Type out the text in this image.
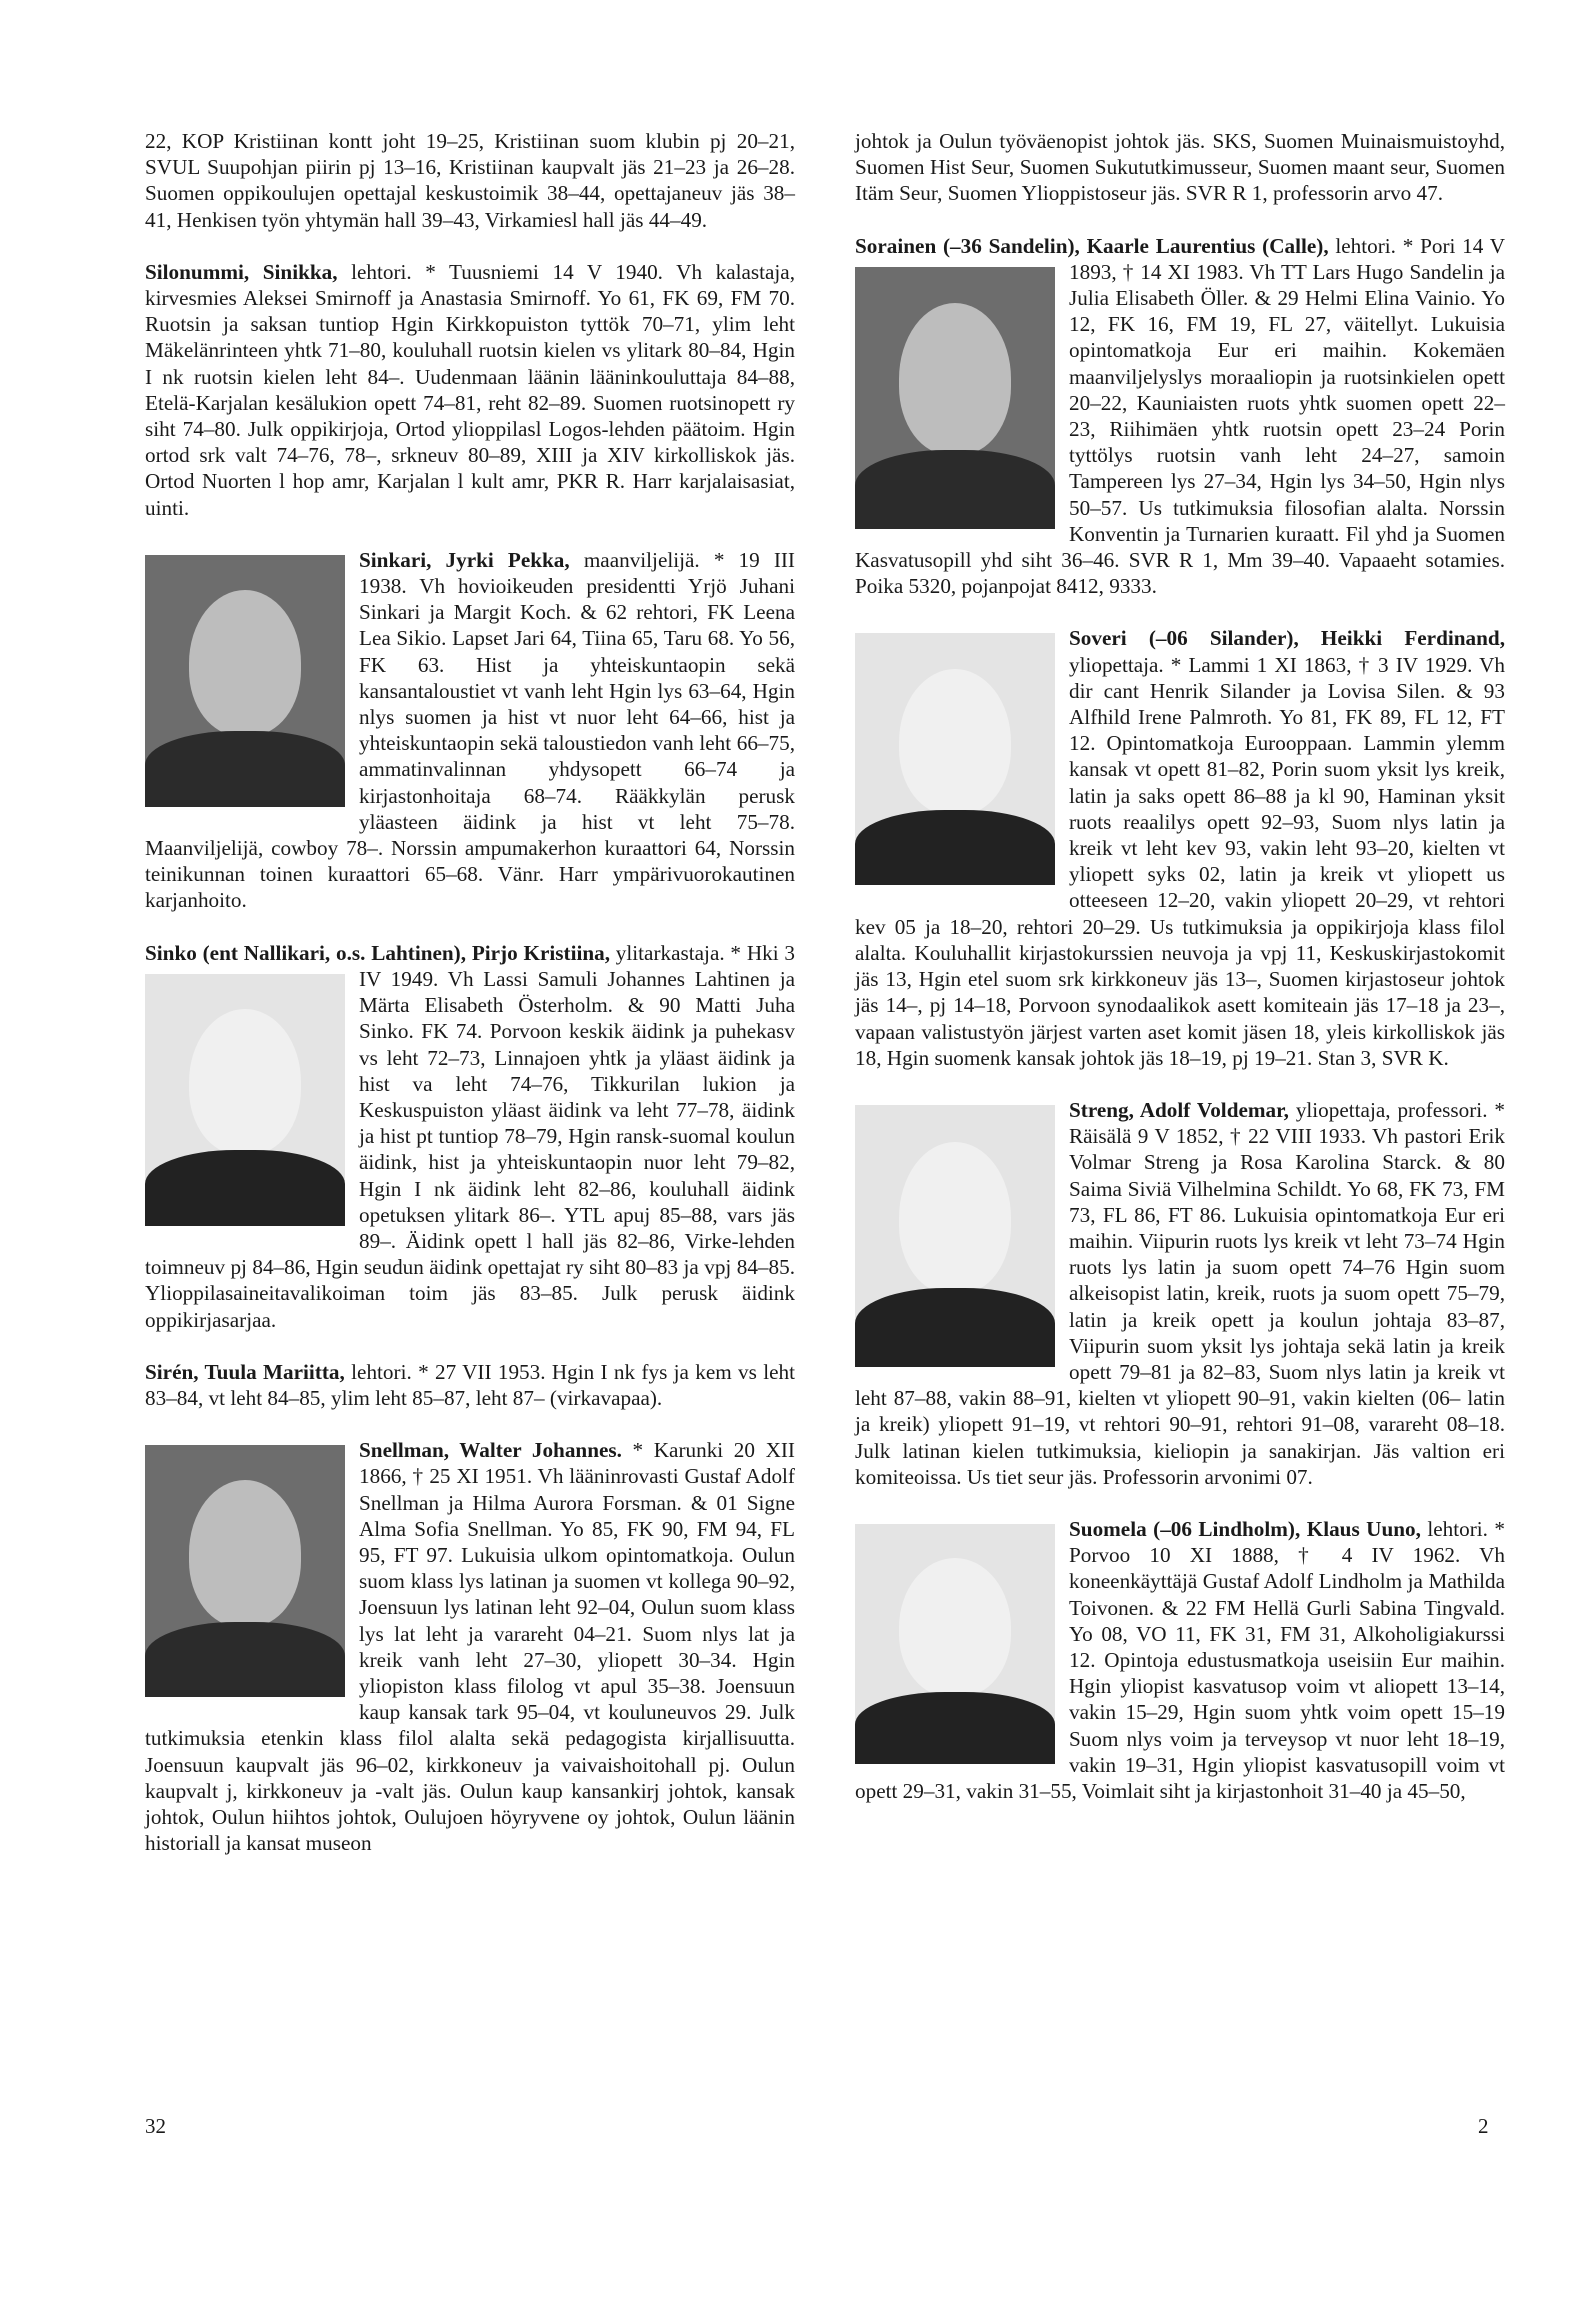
22, KOP Kristiinan kontt joht 19–25, Kristiinan suom klubin pj 20–21, SVUL Suupohjan piirin pj 13–16, Kristiinan kaupvalt jäs 21–23 ja 26–28. Suomen oppikoulujen opettajal keskustoimik 38–44, opettajaneuv jäs 38–41, Henkisen työn yhtymän hall 39–43, Virkamiesl hall jäs 44–49.

Silonummi, Sinikka, lehtori. * Tuusniemi 14 V 1940. Vh kalastaja, kirvesmies Aleksei Smirnoff ja Anastasia Smirnoff. Yo 61, FK 69, FM 70. Ruotsin ja saksan tuntiop Hgin Kirkkopuiston tyttök 70–71, ylim leht Mäkelänrinteen yhtk 71–80, kouluhall ruotsin kielen vs ylitark 80–84, Hgin I nk ruotsin kielen leht 84–. Uudenmaan läänin lääninkouluttaja 84–88, Etelä-Karjalan kesälukion opett 74–81, reht 82–89. Suomen ruotsinopett ry siht 74–80. Julk oppikirjoja, Ortod ylioppilasl Logos-lehden päätoim. Hgin ortod srk valt 74–76, 78–, srkneuv 80–89, XIII ja XIV kirkolliskok jäs. Ortod Nuorten l hop amr, Karjalan l kult amr, PKR R. Harr karjalaisasiat, uinti.

Sinkari, Jyrki Pekka,
maanviljelijä. * 19 III 1938. Vh hovioikeuden presidentti Yrjö Juhani Sinkari ja Margit Koch. & 62 rehtori, FK Leena Lea Sikio. Lapset Jari 64, Tiina 65, Taru 68. Yo 56, FK 63. Hist ja yhteiskuntaopin sekä kansantaloustiet vt vanh leht Hgin lys 63–64, Hgin nlys suomen ja hist vt nuor leht 64–66, hist ja yhteiskuntaopin sekä taloustiedon vanh leht 66–75, ammatinvalinnan yhdysopett 66–74 ja kirjastonhoitaja 68–74. Rääkkylän perusk yläasteen äidink ja hist vt leht 75–78. Maanviljelijä, cowboy 78–. Norssin ampumakerhon kuraattori 64, Norssin teinikunnan toinen kuraattori 65–68. Vänr. Harr ympärivuorokautinen karjanhoito.

Sinko (ent Nallikari, o.s. Lahtinen), Pirjo Kristiina,
ylitarkastaja. * Hki 3 IV 1949. Vh Lassi Samuli Johannes Lahtinen ja Märta Elisabeth Österholm. & 90 Matti Juha Sinko. FK 74. Porvoon keskik äidink ja puhekasv vs leht 72–73, Linnajoen yhtk ja yläast äidink ja hist va leht 74–76, Tikkurilan lukion ja Keskuspuiston yläast äidink va leht 77–78, äidink ja hist pt tuntiop 78–79, Hgin ransk-suomal koulun äidink, hist ja yhteiskuntaopin nuor leht 79–82, Hgin I nk äidink leht 82–86, kouluhall äidink opetuksen ylitark 86–. YTL apuj 85–88, vars jäs 89–. Äidink opett l hall jäs 82–86, Virke-lehden toimneuv pj 84–86, Hgin seudun äidink opettajat ry siht 80–83 ja vpj 84–85. Ylioppilasaineitavalikoiman toim jäs 83–85. Julk perusk äidink oppikirjasarjaa.

Sirén, Tuula Mariitta, lehtori. * 27 VII 1953. Hgin I nk fys ja kem vs leht 83–84, vt leht 84–85, ylim leht 85–87, leht 87– (virkavapaa).

Snellman, Walter Johannes.
* Karunki 20 XII 1866, † 25 XI 1951. Vh lääninrovasti Gustaf Adolf Snellman ja Hilma Aurora Forsman. & 01 Signe Alma Sofia Snellman. Yo 85, FK 90, FM 94, FL 95, FT 97. Lukuisia ulkom opintomatkoja. Oulun suom klass lys latinan ja suomen vt kollega 90–92, Joensuun lys latinan leht 92–04, Oulun suom klass lys lat leht ja varareht 04–21. Suom nlys lat ja kreik vanh leht 27–30, yliopett 30–34. Hgin yliopiston klass filolog vt apul 35–38. Joensuun kaup kansak tark 95–04, vt kouluneuvos 29. Julk tutkimuksia etenkin klass filol alalta sekä pedagogista kirjallisuutta. Joensuun kaupvalt jäs 96–02, kirkkoneuv ja vaivaishoitohall pj. Oulun kaupvalt j, kirkkoneuv ja -valt jäs. Oulun kaup kansankirj johtok, kansak johtok, Oulun hiihtos johtok, Oulujoen höyryvene oy johtok, Oulun läänin historiall ja kansat museon

johtok ja Oulun työväenopist johtok jäs. SKS, Suomen Muinaismuistoyhd, Suomen Hist Seur, Suomen Sukututkimusseur, Suomen maant seur, Suomen Itäm Seur, Suomen Ylioppistoseur jäs. SVR R 1, professorin arvo 47.

Sorainen (–36 Sandelin), Kaarle Laurentius (Calle),
lehtori. * Pori 14 V 1893, † 14 XI 1983. Vh TT Lars Hugo Sandelin ja Julia Elisabeth Öller. & 29 Helmi Elina Vainio. Yo 12, FK 16, FM 19, FL 27, väitellyt. Lukuisia opintomatkoja Eur eri maihin. Kokemäen maanviljelyslys moraaliopin ja ruotsinkielen opett 20–22, Kauniaisten ruots yhtk suomen opett 22–23, Riihimäen yhtk ruotsin opett 23–24 Porin tyttölys ruotsin vanh leht 24–27, samoin Tampereen lys 27–34, Hgin lys 34–50, Hgin nlys 50–57. Us tutkimuksia filosofian alalta. Norssin Konventin ja Turnarien kuraatt. Fil yhd ja Suomen Kasvatusopill yhd siht 36–46. SVR R 1, Mm 39–40. Vapaaeht sotamies. Poika 5320, pojanpojat 8412, 9333.

Soveri (–06 Silander), Heikki Ferdinand,
yliopettaja. * Lammi 1 XI 1863, † 3 IV 1929. Vh dir cant Henrik Silander ja Lovisa Silen. & 93 Alfhild Irene Palmroth. Yo 81, FK 89, FL 12, FT 12. Opintomatkoja Eurooppaan. Lammin ylemm kansak vt opett 81–82, Porin suom yksit lys kreik, latin ja saks opett 86–88 ja kl 90, Haminan yksit ruots reaalilys opett 92–93, Suom nlys latin ja kreik vt leht kev 93, vakin leht 93–20, kielten vt yliopett syks 02, latin ja kreik vt yliopett us otteeseen 12–20, vakin yliopett 20–29, vt rehtori kev 05 ja 18–20, rehtori 20–29. Us tutkimuksia ja oppikirjoja klass filol alalta. Kouluhallit kirjastokurssien neuvoja ja vpj 11, Keskuskirjastokomit jäs 13, Hgin etel suom srk kirkkoneuv jäs 13–, Suomen kirjastoseur johtok jäs 14–, pj 14–18, Porvoon synodaalikok asett komiteain jäs 17–18 ja 23–, vapaan valistustyön järjest varten aset komit jäsen 18, yleis kirkolliskok jäs 18, Hgin suomenk kansak johtok jäs 18–19, pj 19–21. Stan 3, SVR K.

Streng, Adolf Voldemar,
yliopettaja, professori. * Räisälä 9 V 1852, † 22 VIII 1933. Vh pastori Erik Volmar Streng ja Rosa Karolina Starck. & 80 Saima Siviä Vilhelmina Schildt. Yo 68, FK 73, FM 73, FL 86, FT 86. Lukuisia opintomatkoja Eur eri maihin. Viipurin ruots lys kreik vt leht 73–74 Hgin ruots lys latin ja suom opett 74–76 Hgin suom alkeisopist latin, kreik, ruots ja suom opett 75–79, latin ja kreik opett ja koulun johtaja 83–87, Viipurin suom yksit lys johtaja sekä latin ja kreik opett 79–81 ja 82–83, Suom nlys latin ja kreik vt leht 87–88, vakin 88–91, kielten vt yliopett 90–91, vakin kielten (06– latin ja kreik) yliopett 91–19, vt rehtori 90–91, rehtori 91–08, varareht 08–18. Julk latinan kielen tutkimuksia, kieliopin ja sanakirjan. Jäs valtion eri komiteoissa. Us tiet seur jäs. Professorin arvonimi 07.

Suomela (–06 Lindholm), Klaus Uuno,
lehtori. * Porvoo 10 XI 1888, † 4 IV 1962. Vh koneenkäyttäjä Gustaf Adolf Lindholm ja Mathilda Toivonen. & 22 FM Hellä Gurli Sabina Tingvald. Yo 08, VO 11, FK 31, FM 31, Alkoholigiakurssi 12. Opintoja edustusmatkoja useisiin Eur maihin. Hgin yliopist kasvatusop voim vt aliopett 13–14, vakin 15–29, Hgin suom yhtk voim opett 15–19 Suom nlys voim ja terveysop vt nuor leht 18–19, vakin 19–31, Hgin yliopist kasvatusopill voim vt opett 29–31, vakin 31–55, Voimlait siht ja kirjastonhoit 31–40 ja 45–50,

32	2
